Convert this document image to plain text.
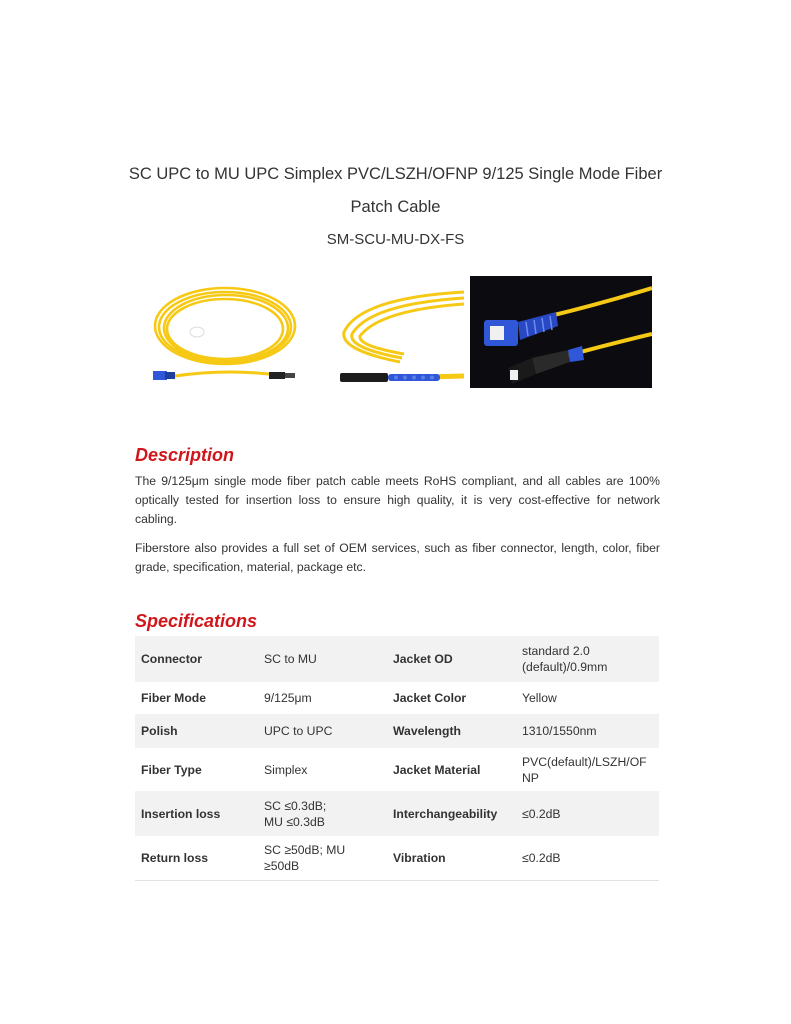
SC UPC to MU UPC Simplex PVC/LSZH/OFNP 9/125 Single Mode Fiber

Patch Cable

SM-SCU-MU-DX-FS

Description

The 9/125μm single mode fiber patch cable meets RoHS compliant, and all cables are 100% optically tested for insertion loss to ensure high quality, it is very cost-effective for network cabling.

Fiberstore also provides a full set of OEM services, such as fiber connector, length, color, fiber grade, specification, material, package etc.

Specifications
Connector	SC to MU	Jacket OD	standard 2.0 (default)/0.9mm
Fiber Mode	9/125μm	Jacket Color	Yellow
Polish	UPC to UPC	Wavelength	1310/1550nm
Fiber Type	Simplex	Jacket Material	PVC(default)/LSZH/OFNP
Insertion loss	SC ≤0.3dB; MU ≤0.3dB	Interchangeability	≤0.2dB
Return loss	SC ≥50dB; MU ≥50dB	Vibration	≤0.2dB
